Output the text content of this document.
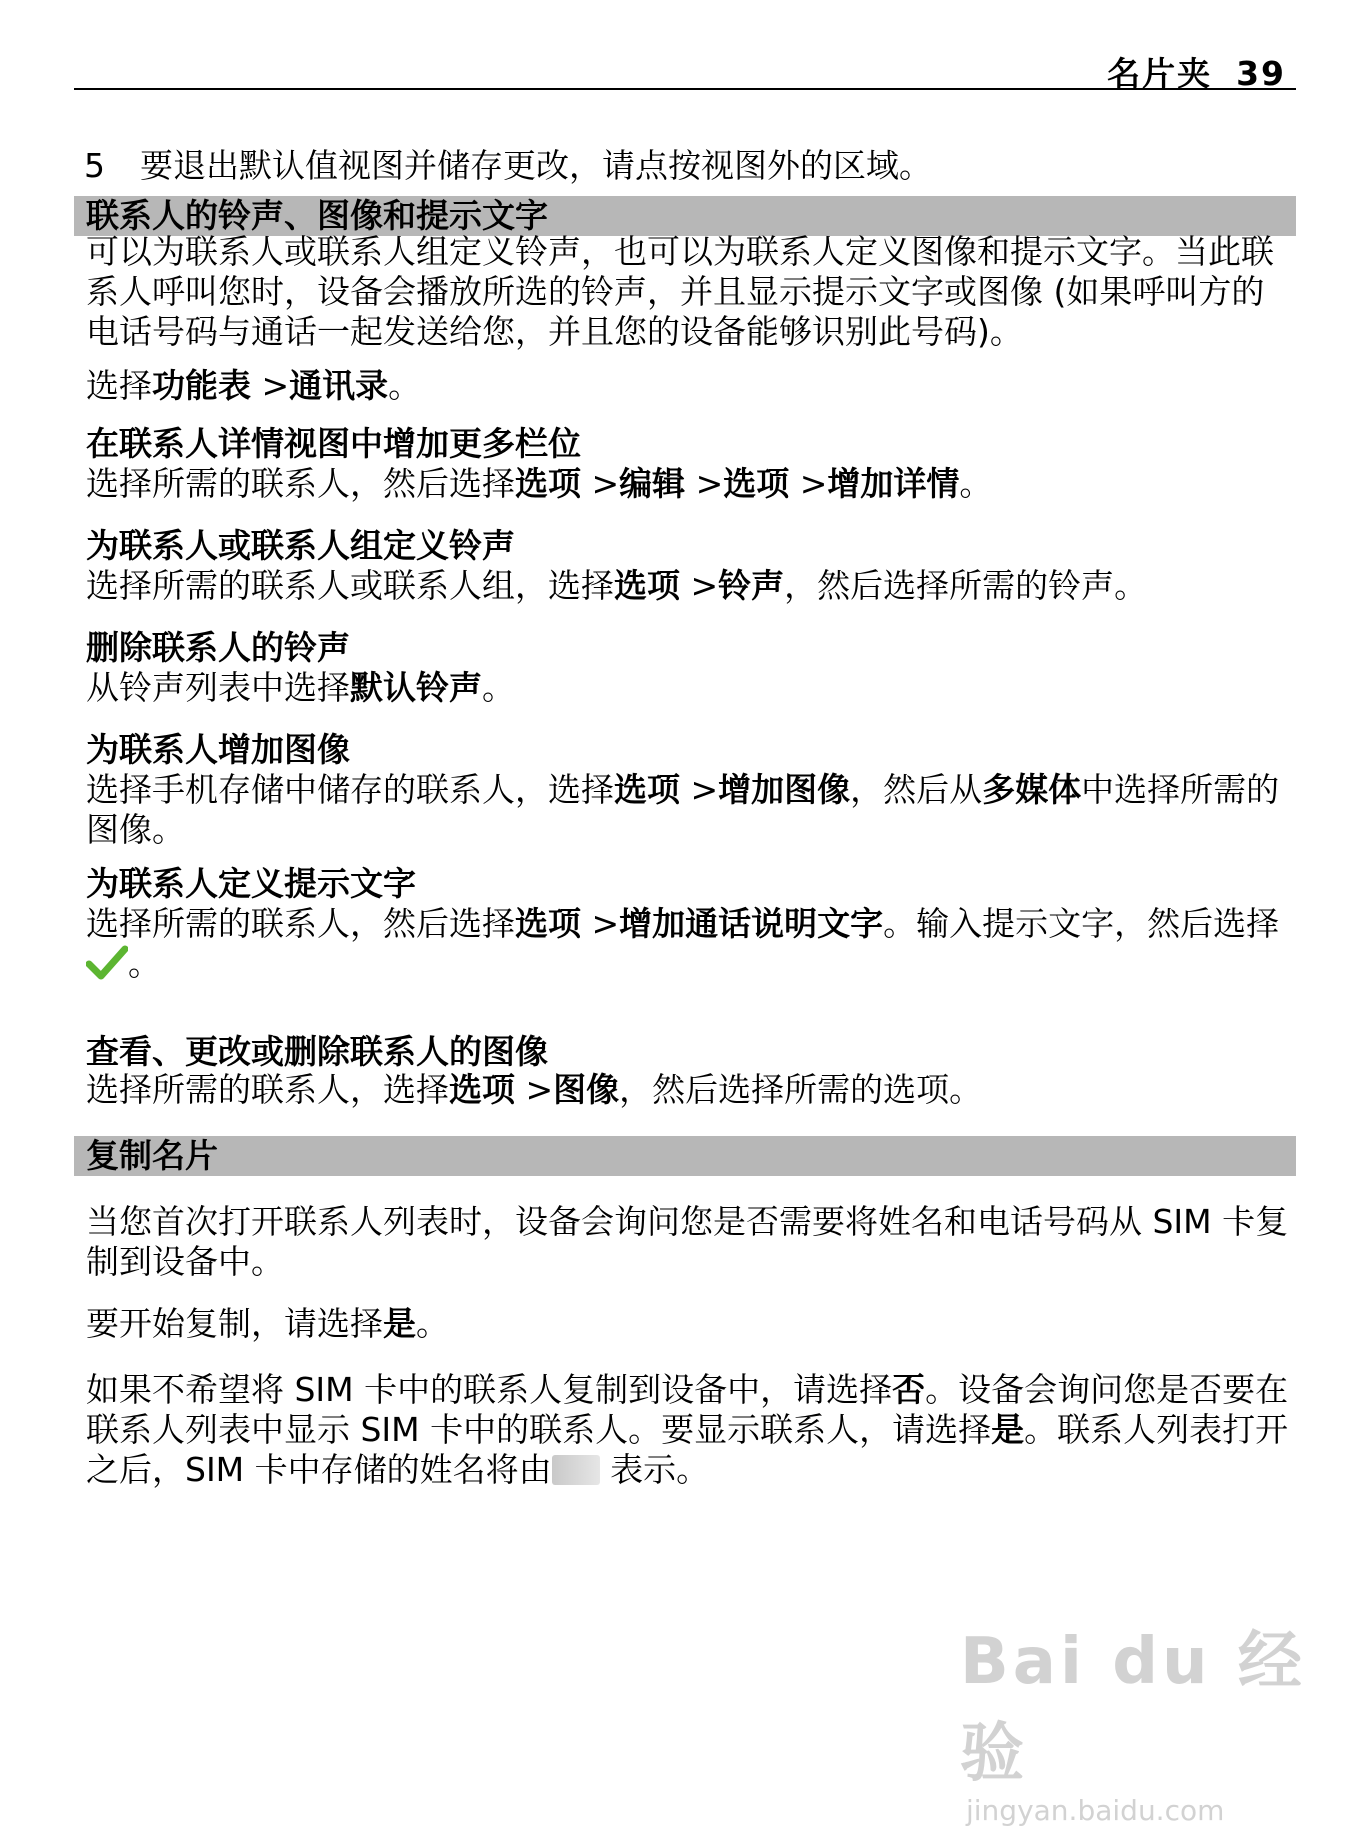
名片夹 39
5 要退出默认值视图并储存更改，请点按视图外的区域。
联系人的铃声、图像和提示文字
可以为联系人或联系人组定义铃声，也可以为联系人定义图像和提示文字。当此联系人呼叫您时，设备会播放所选的铃声，并且显示提示文字或图像 (如果呼叫方的电话号码与通话一起发送给您，并且您的设备能够识别此号码)。
选择功能表 >通讯录。
在联系人详情视图中增加更多栏位
选择所需的联系人，然后选择选项 >编辑 >选项 >增加详情。
为联系人或联系人组定义铃声
选择所需的联系人或联系人组，选择选项 >铃声，然后选择所需的铃声。
删除联系人的铃声
从铃声列表中选择默认铃声。
为联系人增加图像
选择手机存储中储存的联系人，选择选项 >增加图像，然后从多媒体中选择所需的图像。
为联系人定义提示文字
选择所需的联系人，然后选择选项 >增加通话说明文字。输入提示文字，然后选择。
查看、更改或删除联系人的图像
选择所需的联系人，选择选项 >图像，然后选择所需的选项。
复制名片
当您首次打开联系人列表时，设备会询问您是否需要将姓名和电话号码从 SIM 卡复制到设备中。
要开始复制，请选择是。
如果不希望将 SIM 卡中的联系人复制到设备中，请选择否。设备会询问您是否要在联系人列表中显示 SIM 卡中的联系人。要显示联系人，请选择是。联系人列表打开之后，SIM 卡中存储的姓名将由 表示。
Bai du 经验
jingyan.baidu.com
